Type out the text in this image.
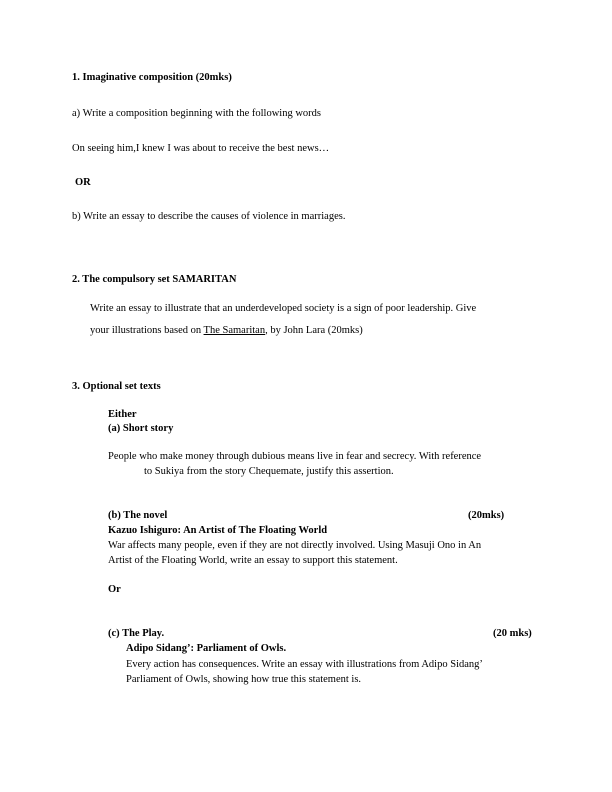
1. Imaginative composition (20mks)
a) Write a composition beginning with the following words
On seeing him,I knew I was about to receive the best news…
OR
b) Write an essay to describe the causes of violence in marriages.
2. The compulsory set SAMARITAN
Write an essay to illustrate that an underdeveloped society is a sign of poor leadership. Give
your illustrations based on The Samaritan, by John Lara (20mks)
3. Optional set texts
Either
(a) Short story
People who make money through dubious means live in fear and secrecy. With reference
to Sukiya from the story Chequemate, justify this assertion.
(b) The novel	(20mks)
Kazuo Ishiguro: An Artist of The Floating World
War affects many people, even if they are not directly involved. Using Masuji Ono in An
Artist of the Floating World, write an essay to support this statement.
Or
(c) The Play.	(20 mks)
Adipo Sidang’: Parliament of Owls.
Every action has consequences. Write an essay with illustrations from Adipo Sidang’
Parliament of Owls, showing how true this statement is.
